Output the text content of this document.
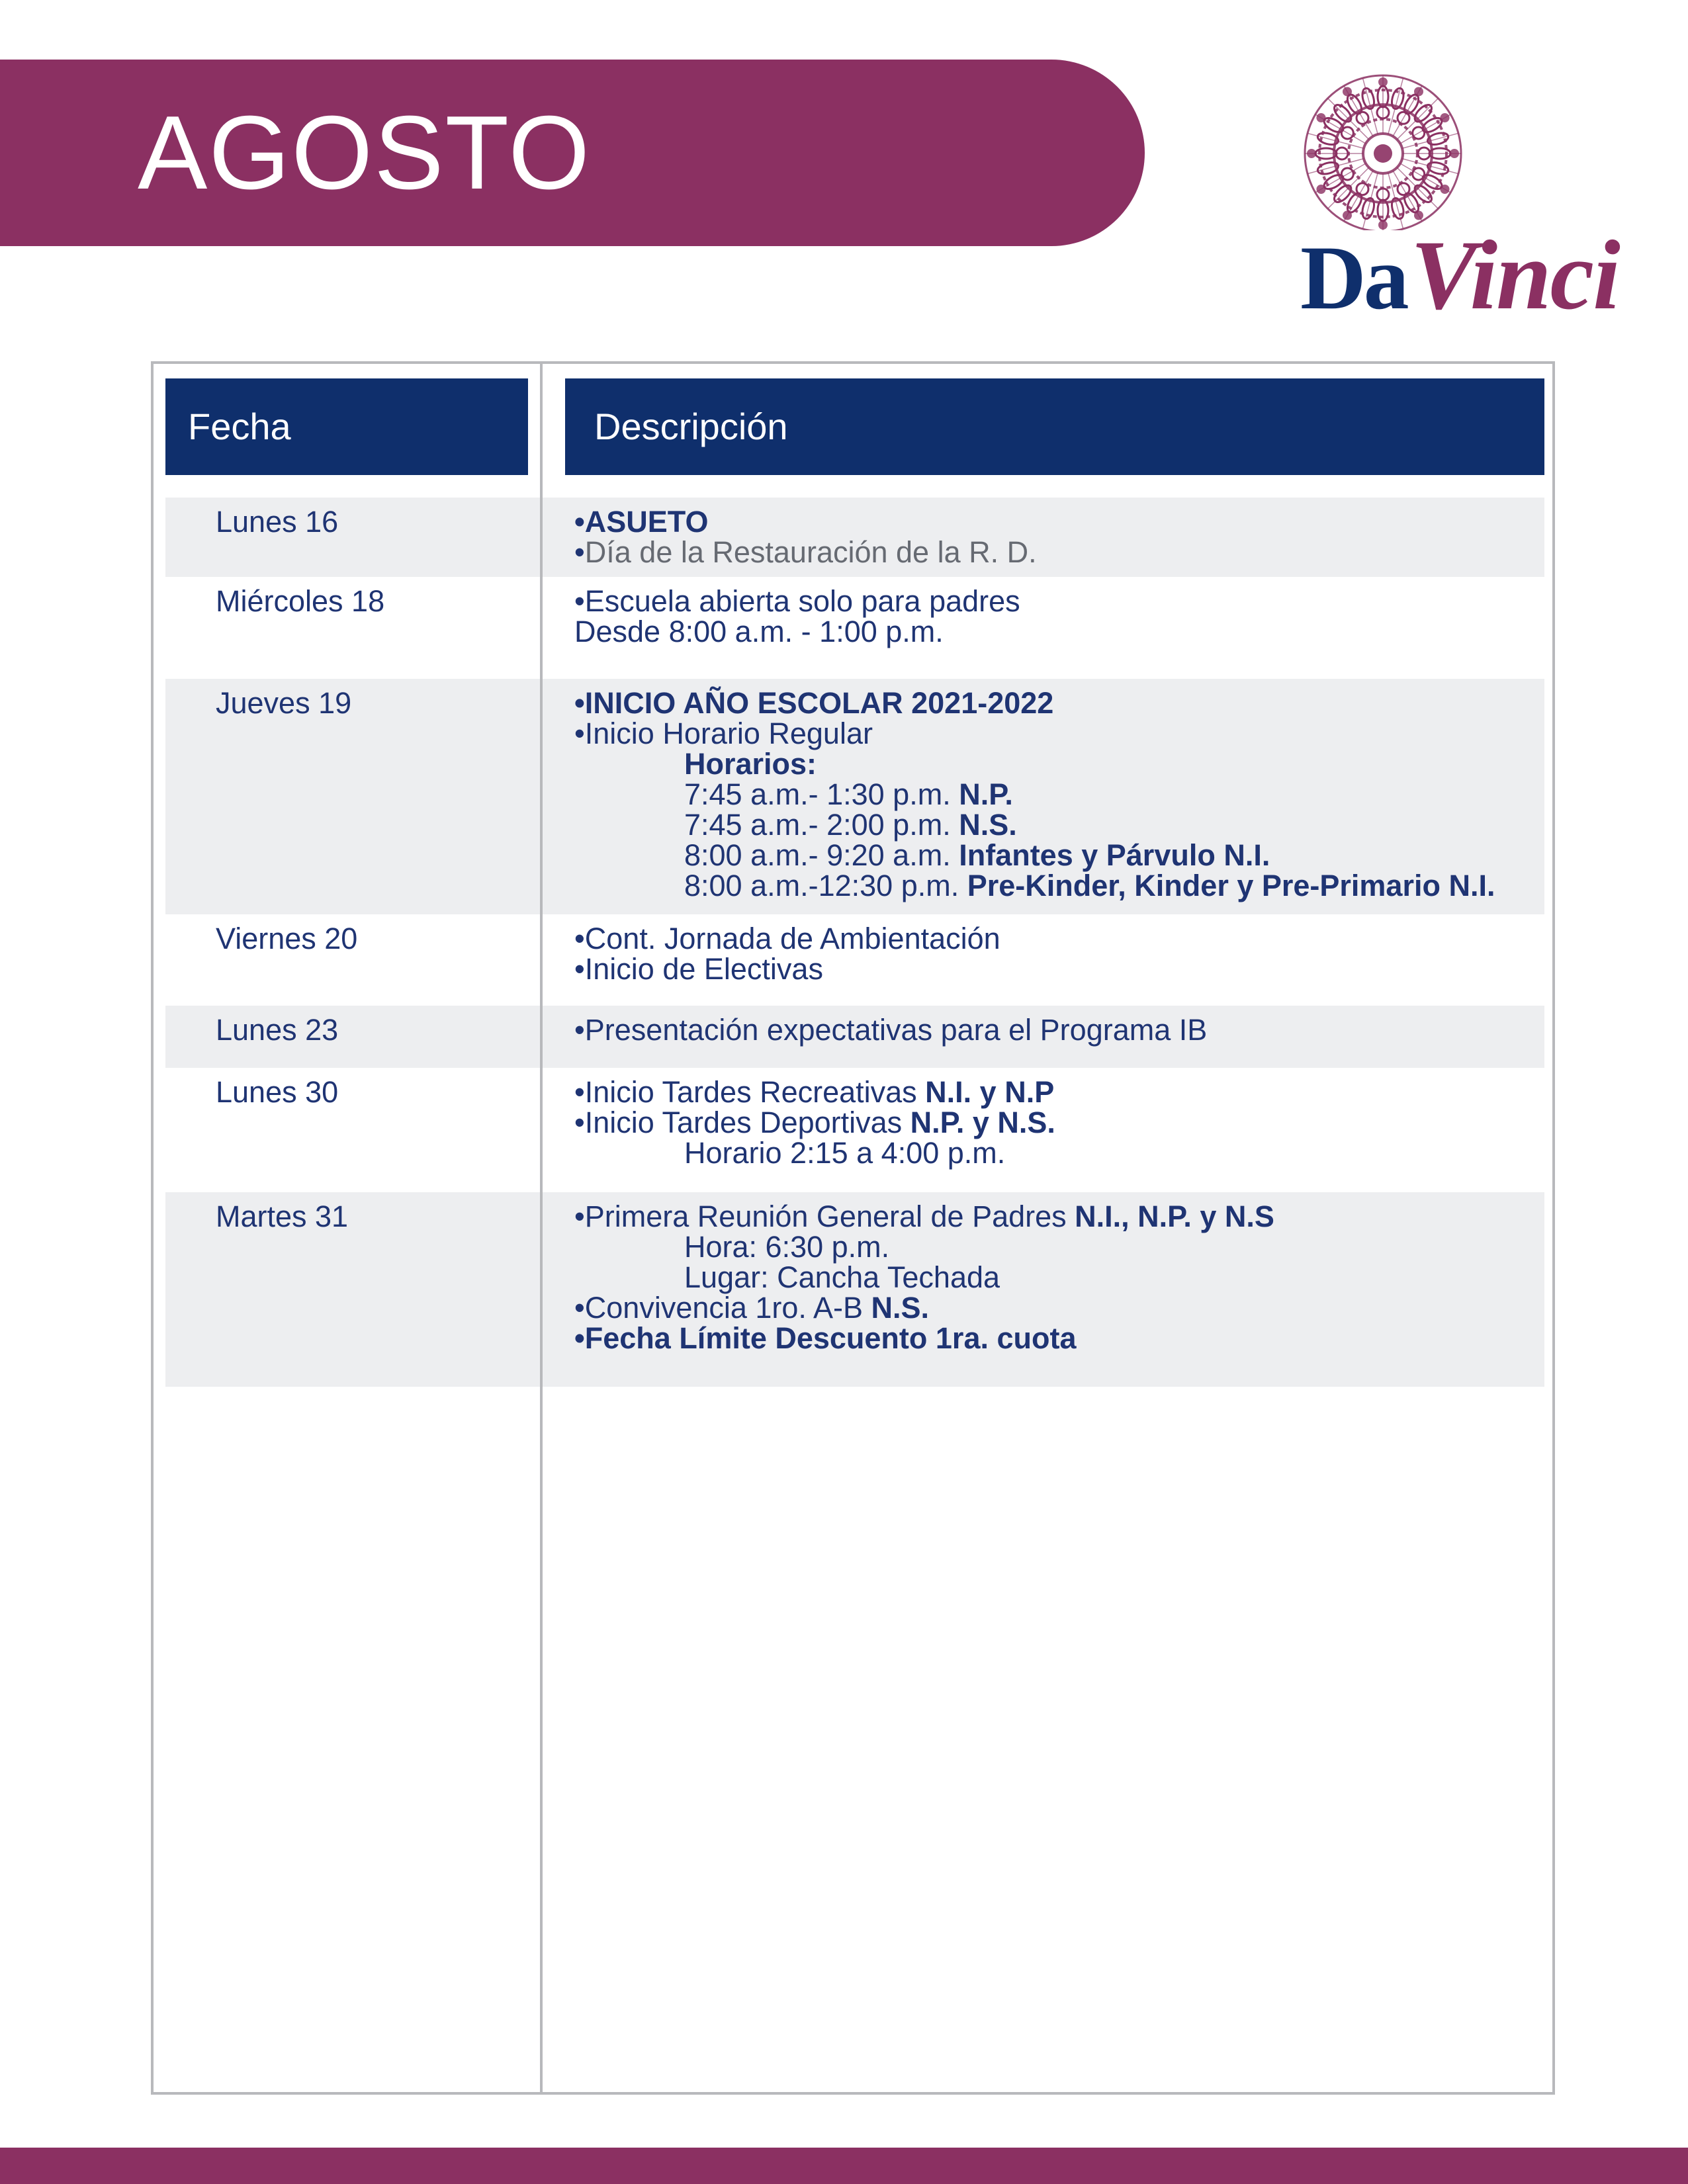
AGOSTO
DaVinci
Fecha	Descripción
Lunes 16	•ASUETO
•Día de la Restauración de la R. D.
Miércoles 18	•Escuela abierta solo para padres
Desde 8:00 a.m. - 1:00 p.m.
Jueves 19	•INICIO AÑO ESCOLAR 2021-2022
•Inicio Horario Regular
Horarios:
7:45 a.m.- 1:30 p.m. N.P.
7:45 a.m.- 2:00 p.m. N.S.
8:00 a.m.- 9:20 a.m. Infantes y Párvulo N.I.
8:00 a.m.-12:30 p.m. Pre-Kinder, Kinder y Pre-Primario N.I.
Viernes 20	•Cont. Jornada de Ambientación
•Inicio de Electivas
Lunes 23	•Presentación expectativas para el Programa IB
Lunes 30	•Inicio Tardes Recreativas N.I. y N.P
•Inicio Tardes Deportivas N.P. y N.S.
Horario 2:15 a 4:00 p.m.
Martes 31	•Primera Reunión General de Padres N.I., N.P. y N.S
Hora: 6:30 p.m.
Lugar: Cancha Techada
•Convivencia 1ro. A-B N.S.
•Fecha Límite Descuento 1ra. cuota
